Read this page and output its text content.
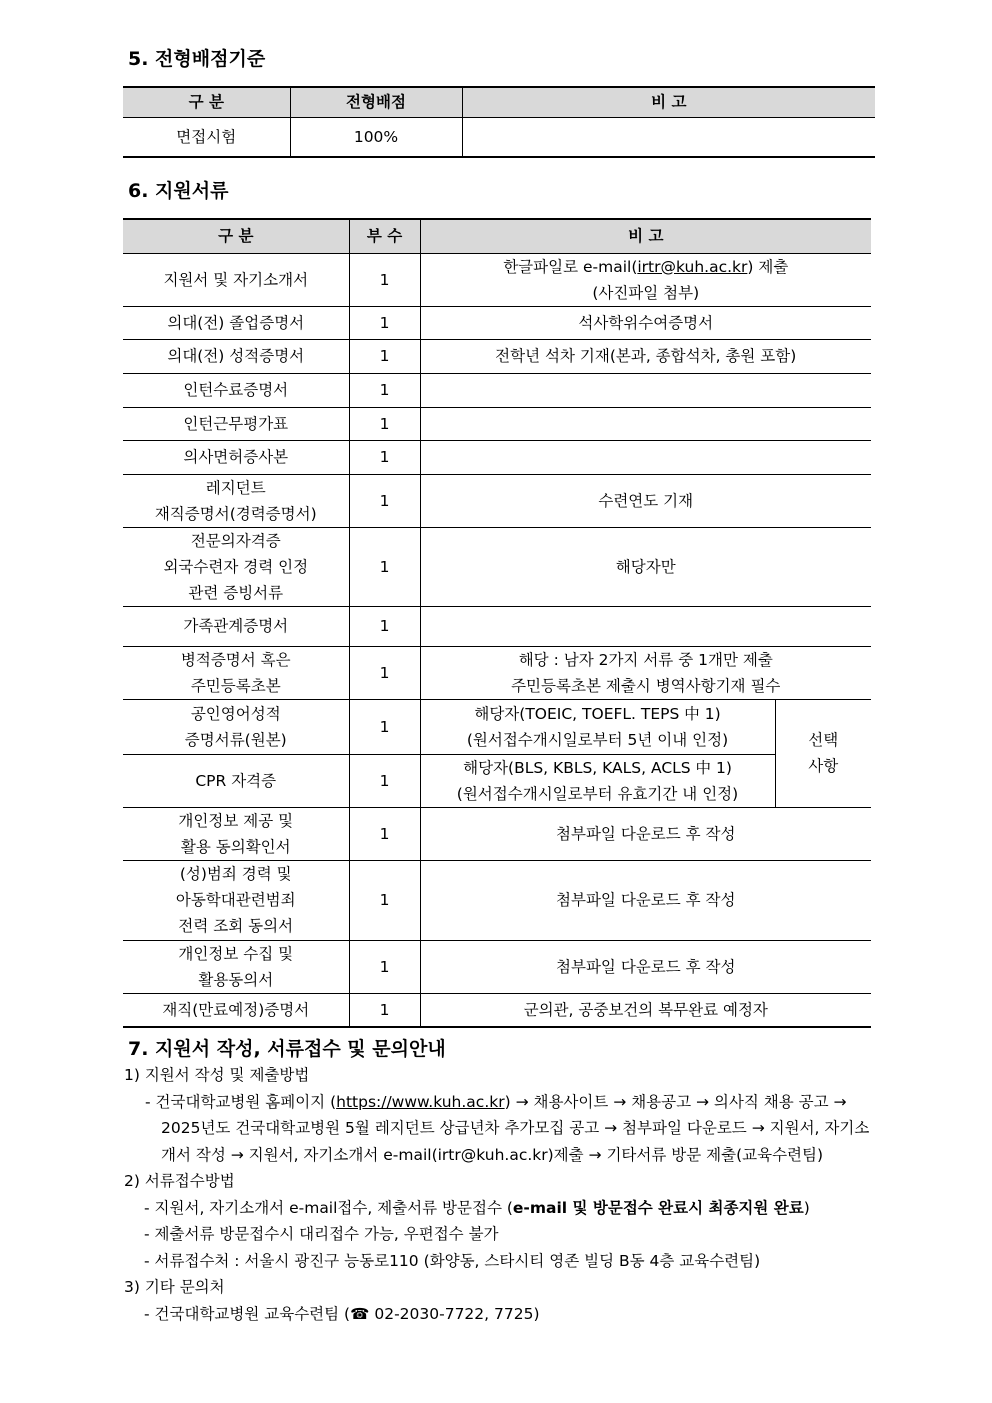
5. 전형배점기준
구 분	전형배점	비 고
면접시험	100%	
6. 지원서류
구 분	부 수	비 고	
지원서 및 자기소개서	1	한글파일로 e-mail(irtr@kuh.ac.kr) 제출
(사진파일 첨부)	
의대(전) 졸업증명서	1	석사학위수여증명서	
의대(전) 성적증명서	1	전학년 석차 기재(본과, 종합석차, 총원 포함)	
인턴수료증명서	1		
인턴근무평가표	1		
의사면허증사본	1		
레지던트
재직증명서(경력증명서)	1	수련연도 기재	
전문의자격증
외국수련자 경력 인정
관련 증빙서류	1	해당자만	
가족관계증명서	1		
병적증명서 혹은
주민등록초본	1	해당 : 남자 2가지 서류 중 1개만 제출
주민등록초본 제출시 병역사항기재 필수	
공인영어성적
증명서류(원본)	1	해당자(TOEIC, TOEFL. TEPS 中 1)
(원서접수개시일로부터 5년 이내 인정)	선택
사항
CPR 자격증	1	해당자(BLS, KBLS, KALS, ACLS 中 1)
(원서접수개시일로부터 유효기간 내 인정)	
개인정보 제공 및
활용 동의확인서	1	첨부파일 다운로드 후 작성	
(성)범죄 경력 및
아동학대관련범죄
전력 조회 동의서	1	첨부파일 다운로드 후 작성	
개인정보 수집 및
활용동의서	1	첨부파일 다운로드 후 작성	
재직(만료예정)증명서	1	군의관, 공중보건의 복무완료 예정자	
7. 지원서 작성, 서류접수 및 문의안내

1) 지원서 작성 및 제출방법

- 건국대학교병원 홈페이지 (https://www.kuh.ac.kr) → 채용사이트 → 채용공고 → 의사직 채용 공고 → 2025년도 건국대학교병원 5월 레지던트 상급년차 추가모집 공고 → 첨부파일 다운로드 → 지원서, 자기소개서 작성 → 지원서, 자기소개서 e-mail(irtr@kuh.ac.kr)제출 → 기타서류 방문 제출(교육수련팀)

2) 서류접수방법

- 지원서, 자기소개서 e-mail접수, 제출서류 방문접수 (e-mail 및 방문접수 완료시 최종지원 완료)

- 제출서류 방문접수시 대리접수 가능, 우편접수 불가

- 서류접수처 : 서울시 광진구 능동로110 (화양동, 스타시티 영존 빌딩 B동 4층 교육수련팀)

3) 기타 문의처

- 건국대학교병원 교육수련팀 (☎ 02-2030-7722, 7725)
